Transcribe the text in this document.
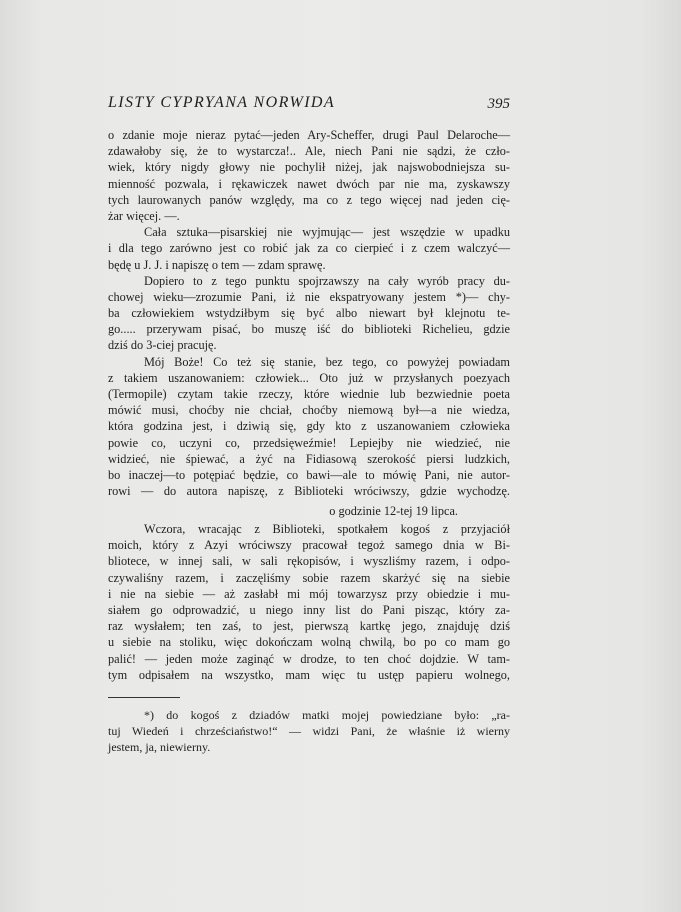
LISTY CYPRYANA NORWIDA	395
o zdanie moje nieraz pytać—jeden Ary-Scheffer, drugi Paul Delaroche—
zdawałoby się, że to wystarcza!.. Ale, niech Pani nie sądzi, że czło-
wiek, który nigdy głowy nie pochylił niżej, jak najswobodniejsza su-
mienność pozwala, i rękawiczek nawet dwóch par nie ma, zyskawszy
tych laurowanych panów względy, ma co z tego więcej nad jeden cię-
żar więcej. —.
Cała sztuka—pisarskiej nie wyjmując— jest wszędzie w upadku
i dla tego zarówno jest co robić jak za co cierpieć i z czem walczyć—
będę u J. J. i napiszę o tem — zdam sprawę.
Dopiero to z tego punktu spojrzawszy na cały wyrób pracy du-
chowej wieku—zrozumie Pani, iż nie ekspatryowany jestem *)— chy-
ba człowiekiem wstydziłbym się być albo niewart był klejnotu te-
go..... przerywam pisać, bo muszę iść do biblioteki Richelieu, gdzie
dziś do 3-ciej pracuję.
Mój Boże! Co też się stanie, bez tego, co powyżej powiadam
z takiem uszanowaniem: człowiek... Oto już w przysłanych poezyach
(Termopile) czytam takie rzeczy, które wiednie lub bezwiednie poeta
mówić musi, choćby nie chciał, choćby niemową był—a nie wiedza,
która godzina jest, i dziwią się, gdy kto z uszanowaniem człowieka
powie co, uczyni co, przedsięweźmie! Lepiejby nie wiedzieć, nie
widzieć, nie śpiewać, a żyć na Fidiasową szerokość piersi ludzkich,
bo inaczej—to potępiać będzie, co bawi—ale to mówię Pani, nie autor-
rowi — do autora napiszę, z Biblioteki wróciwszy, gdzie wychodzę.
o godzinie 12-tej 19 lipca.
Wczora, wracając z Biblioteki, spotkałem kogoś z przyjaciół
moich, który z Azyi wróciwszy pracował tegoż samego dnia w Bi-
bliotece, w innej sali, w sali rękopisów, i wyszliśmy razem, i odpo-
czywaliśny razem, i zaczęliśmy sobie razem skarżyć się na siebie
i nie na siebie — aż zasłabł mi mój towarzysz przy obiedzie i mu-
siałem go odprowadzić, u niego inny list do Pani pisząc, który za-
raz wysłałem; ten zaś, to jest, pierwszą kartkę jego, znajduję dziś
u siebie na stoliku, więc dokończam wolną chwilą, bo po co mam go
palić! — jeden może zaginąć w drodze, to ten choć dojdzie. W tam-
tym odpisałem na wszystko, mam więc tu ustęp papieru wolnego,
*) do kogoś z dziadów matki mojej powiedziane było: „ra-
tuj Wiedeń i chrześciaństwo!“ — widzi Pani, że właśnie iż wierny
jestem, ja, niewierny.
